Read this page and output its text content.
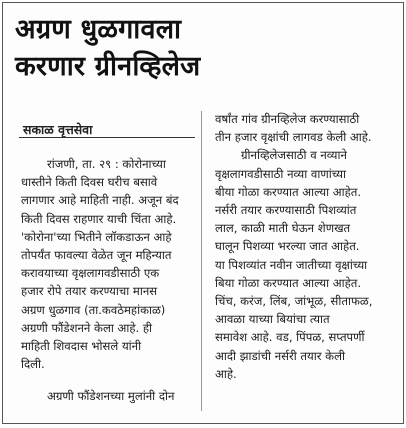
अग्रण धुळगावला
करणार ग्रीनव्हिलेज
सकाळ वृत्तसेवा
रांजणी, ता. २९ : कोरोनाच्या
धास्तीने किती दिवस घरीच बसावे
लागणार आहे माहिती नाही. अजून बंद
किती दिवस राहणार याची चिंता आहे.
'कोरोना'च्या भितीने लॉकडाऊन आहे
तोपर्यंत फावल्या वेळेत जून महिन्यात
करावयाच्या वृक्षलागवडीसाठी एक
हजार रोपे तयार करण्याचा मानस
अग्रण धुळगाव (ता.कवठेमहांकाळ)
अग्रणी फौंडेशनने केला आहे. ही
माहिती शिवदास भोसले यांनी
दिली.
अग्रणी फौंडेशनच्या मुलांनी दोन
वर्षांत गांव ग्रीनव्हिलेज करण्यासाठी
तीन हजार वृक्षांची लागवड केली आहे.
ग्रीनव्हिलेजसाठी व नव्याने
वृक्षलागवडीसाठी नव्या वाणांच्या
बीया गोळा करण्यात आल्या आहेत.
नर्सरी तयार करण्यासाठी पिशव्यांत
लाल, काळी माती घेऊन शेणखत
घालून पिशव्या भरल्या जात आहेत.
या पिशव्यांत नवीन जातीच्या वृक्षांच्या
बिया गोळा करण्यात आल्या आहेत.
चिंच, करंज, लिंब, जांभूळ, सीताफळ,
आवळा याच्या बियांचा त्यात
समावेश आहे. वड, पिंपळ, सप्तपर्णी
आदी झाडांची नर्सरी तयार केली
आहे.
